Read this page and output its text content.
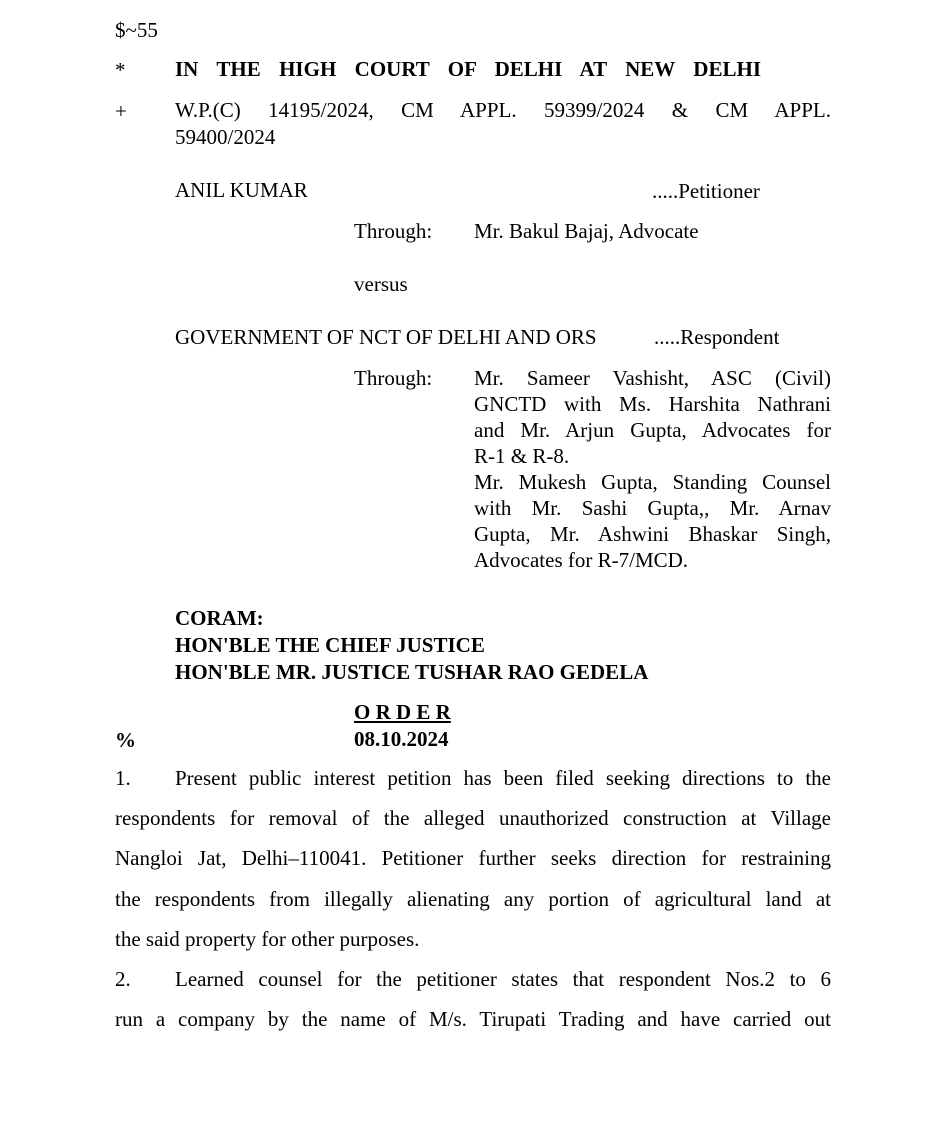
$~55
* IN THE HIGH COURT OF DELHI AT NEW DELHI
+ W.P.(C) 14195/2024, CM APPL. 59399/2024 & CM APPL.
59400/2024
ANIL KUMAR	.....Petitioner
Through: Mr. Bakul Bajaj, Advocate
versus
GOVERNMENT OF NCT OF DELHI AND ORS	.....Respondent
Through: Mr. Sameer Vashisht, ASC (Civil)
GNCTD with Ms. Harshita Nathrani
and Mr. Arjun Gupta, Advocates for
R-1 & R-8.
Mr. Mukesh Gupta, Standing Counsel
with Mr. Sashi Gupta,, Mr. Arnav
Gupta, Mr. Ashwini Bhaskar Singh,
Advocates for R-7/MCD.
CORAM:
HON'BLE THE CHIEF JUSTICE
HON'BLE MR. JUSTICE TUSHAR RAO GEDELA
O R D E R
%	08.10.2024
1.	Present public interest petition has been filed seeking directions to the
respondents for removal of the alleged unauthorized construction at Village
Nangloi Jat, Delhi–110041. Petitioner further seeks direction for restraining
the respondents from illegally alienating any portion of agricultural land at
the said property for other purposes.
2.	Learned counsel for the petitioner states that respondent Nos.2 to 6
run a company by the name of M/s. Tirupati Trading and have carried out
